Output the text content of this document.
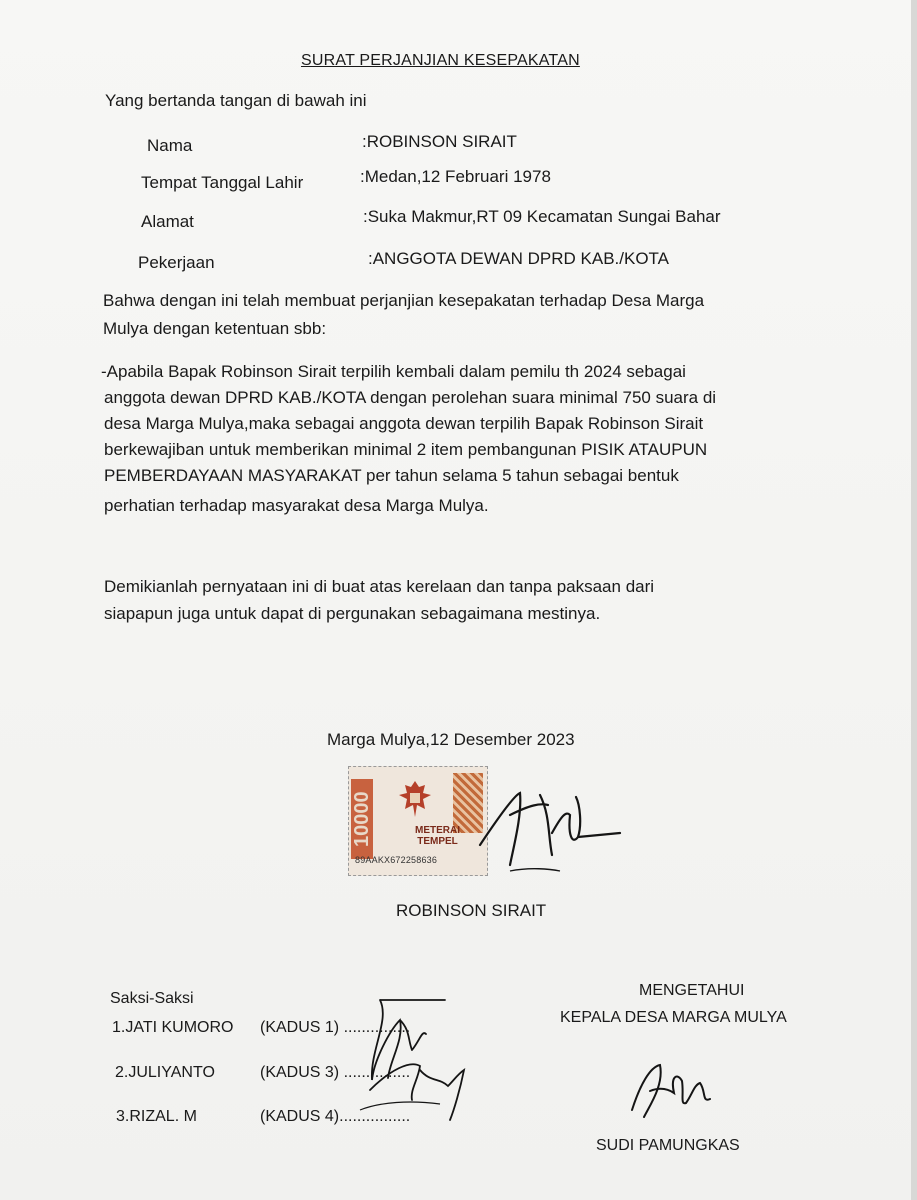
SURAT PERJANJIAN KESEPAKATAN
Yang bertanda tangan di bawah ini
Nama	:ROBINSON SIRAIT
Tempat Tanggal Lahir	:Medan,12 Februari 1978
Alamat	:Suka Makmur,RT 09 Kecamatan Sungai Bahar
Pekerjaan	:ANGGOTA DEWAN DPRD KAB./KOTA
Bahwa dengan ini telah membuat perjanjian kesepakatan terhadap Desa Marga
Mulya dengan ketentuan sbb:
-Apabila Bapak Robinson Sirait terpilih kembali dalam pemilu th 2024 sebagai
anggota dewan DPRD KAB./KOTA dengan perolehan suara minimal 750 suara di
desa Marga Mulya,maka sebagai anggota dewan terpilih Bapak Robinson Sirait
berkewajiban untuk memberikan minimal 2 item pembangunan PISIK ATAUPUN
PEMBERDAYAAN MASYARAKAT per tahun selama 5 tahun sebagai bentuk
perhatian terhadap masyarakat desa Marga Mulya.
Demikianlah pernyataan ini di buat atas kerelaan dan tanpa paksaan dari
siapapun juga untuk dapat di pergunakan sebagaimana mestinya.
Marga Mulya,12 Desember 2023
10000	METERAI
TEMPEL
89AAKX672258636
ROBINSON SIRAIT
Saksi-Saksi
1.JATI KUMORO (KADUS 1) ...............
2.JULIYANTO	(KADUS 3) ...............
3.RIZAL. M	(KADUS 4)................
MENGETAHUI
KEPALA DESA MARGA MULYA
SUDI PAMUNGKAS
